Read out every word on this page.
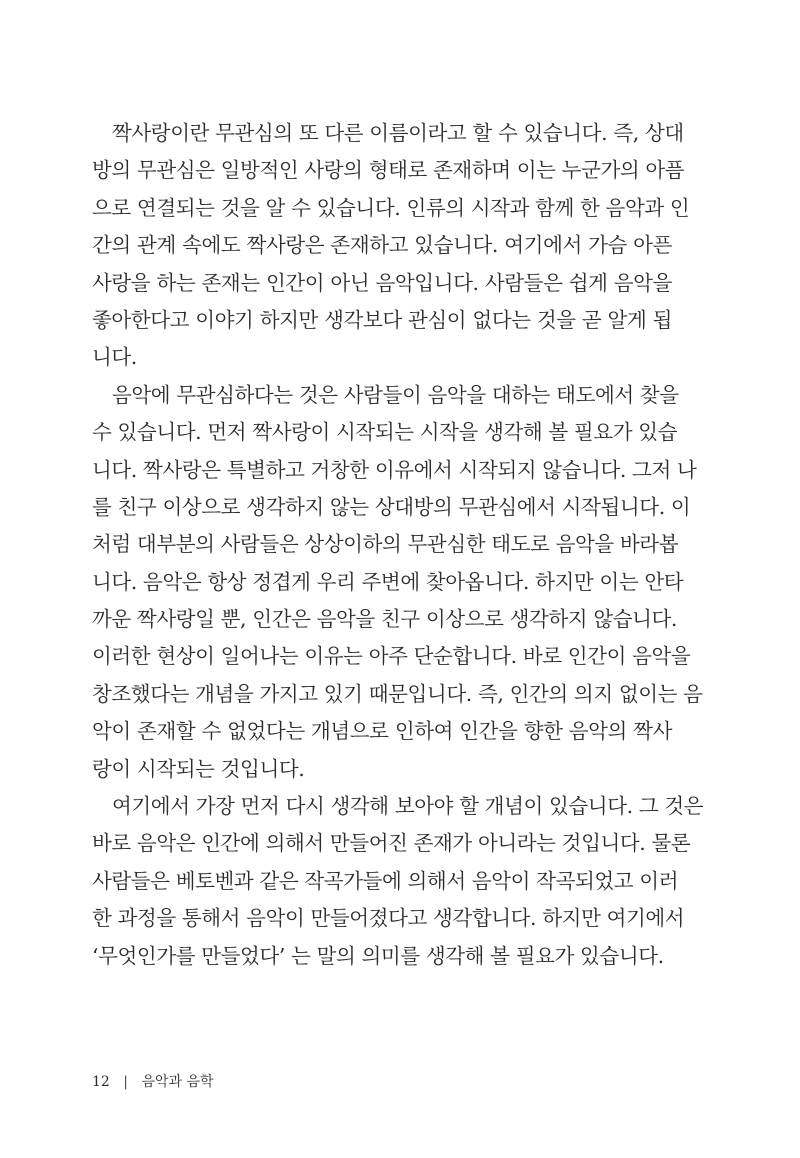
짝사랑이란 무관심의 또 다른 이름이라고 할 수 있습니다. 즉, 상대
방의 무관심은 일방적인 사랑의 형태로 존재하며 이는 누군가의 아픔
으로 연결되는 것을 알 수 있습니다. 인류의 시작과 함께 한 음악과 인
간의 관계 속에도 짝사랑은 존재하고 있습니다. 여기에서 가슴 아픈
사랑을 하는 존재는 인간이 아닌 음악입니다. 사람들은 쉽게 음악을
좋아한다고 이야기 하지만 생각보다 관심이 없다는 것을 곧 알게 됩
니다.
음악에 무관심하다는 것은 사람들이 음악을 대하는 태도에서 찾을
수 있습니다. 먼저 짝사랑이 시작되는 시작을 생각해 볼 필요가 있습
니다. 짝사랑은 특별하고 거창한 이유에서 시작되지 않습니다. 그저 나
를 친구 이상으로 생각하지 않는 상대방의 무관심에서 시작됩니다. 이
처럼 대부분의 사람들은 상상이하의 무관심한 태도로 음악을 바라봅
니다. 음악은 항상 정겹게 우리 주변에 찾아옵니다. 하지만 이는 안타
까운 짝사랑일 뿐, 인간은 음악을 친구 이상으로 생각하지 않습니다.
이러한 현상이 일어나는 이유는 아주 단순합니다. 바로 인간이 음악을
창조했다는 개념을 가지고 있기 때문입니다. 즉, 인간의 의지 없이는 음
악이 존재할 수 없었다는 개념으로 인하여 인간을 향한 음악의 짝사
랑이 시작되는 것입니다.
여기에서 가장 먼저 다시 생각해 보아야 할 개념이 있습니다. 그 것은
바로 음악은 인간에 의해서 만들어진 존재가 아니라는 것입니다. 물론
사람들은 베토벤과 같은 작곡가들에 의해서 음악이 작곡되었고 이러
한 과정을 통해서 음악이 만들어졌다고 생각합니다. 하지만 여기에서
‘무엇인가를 만들었다’ 는 말의 의미를 생각해 볼 필요가 있습니다.
12 | 음악과 음학
